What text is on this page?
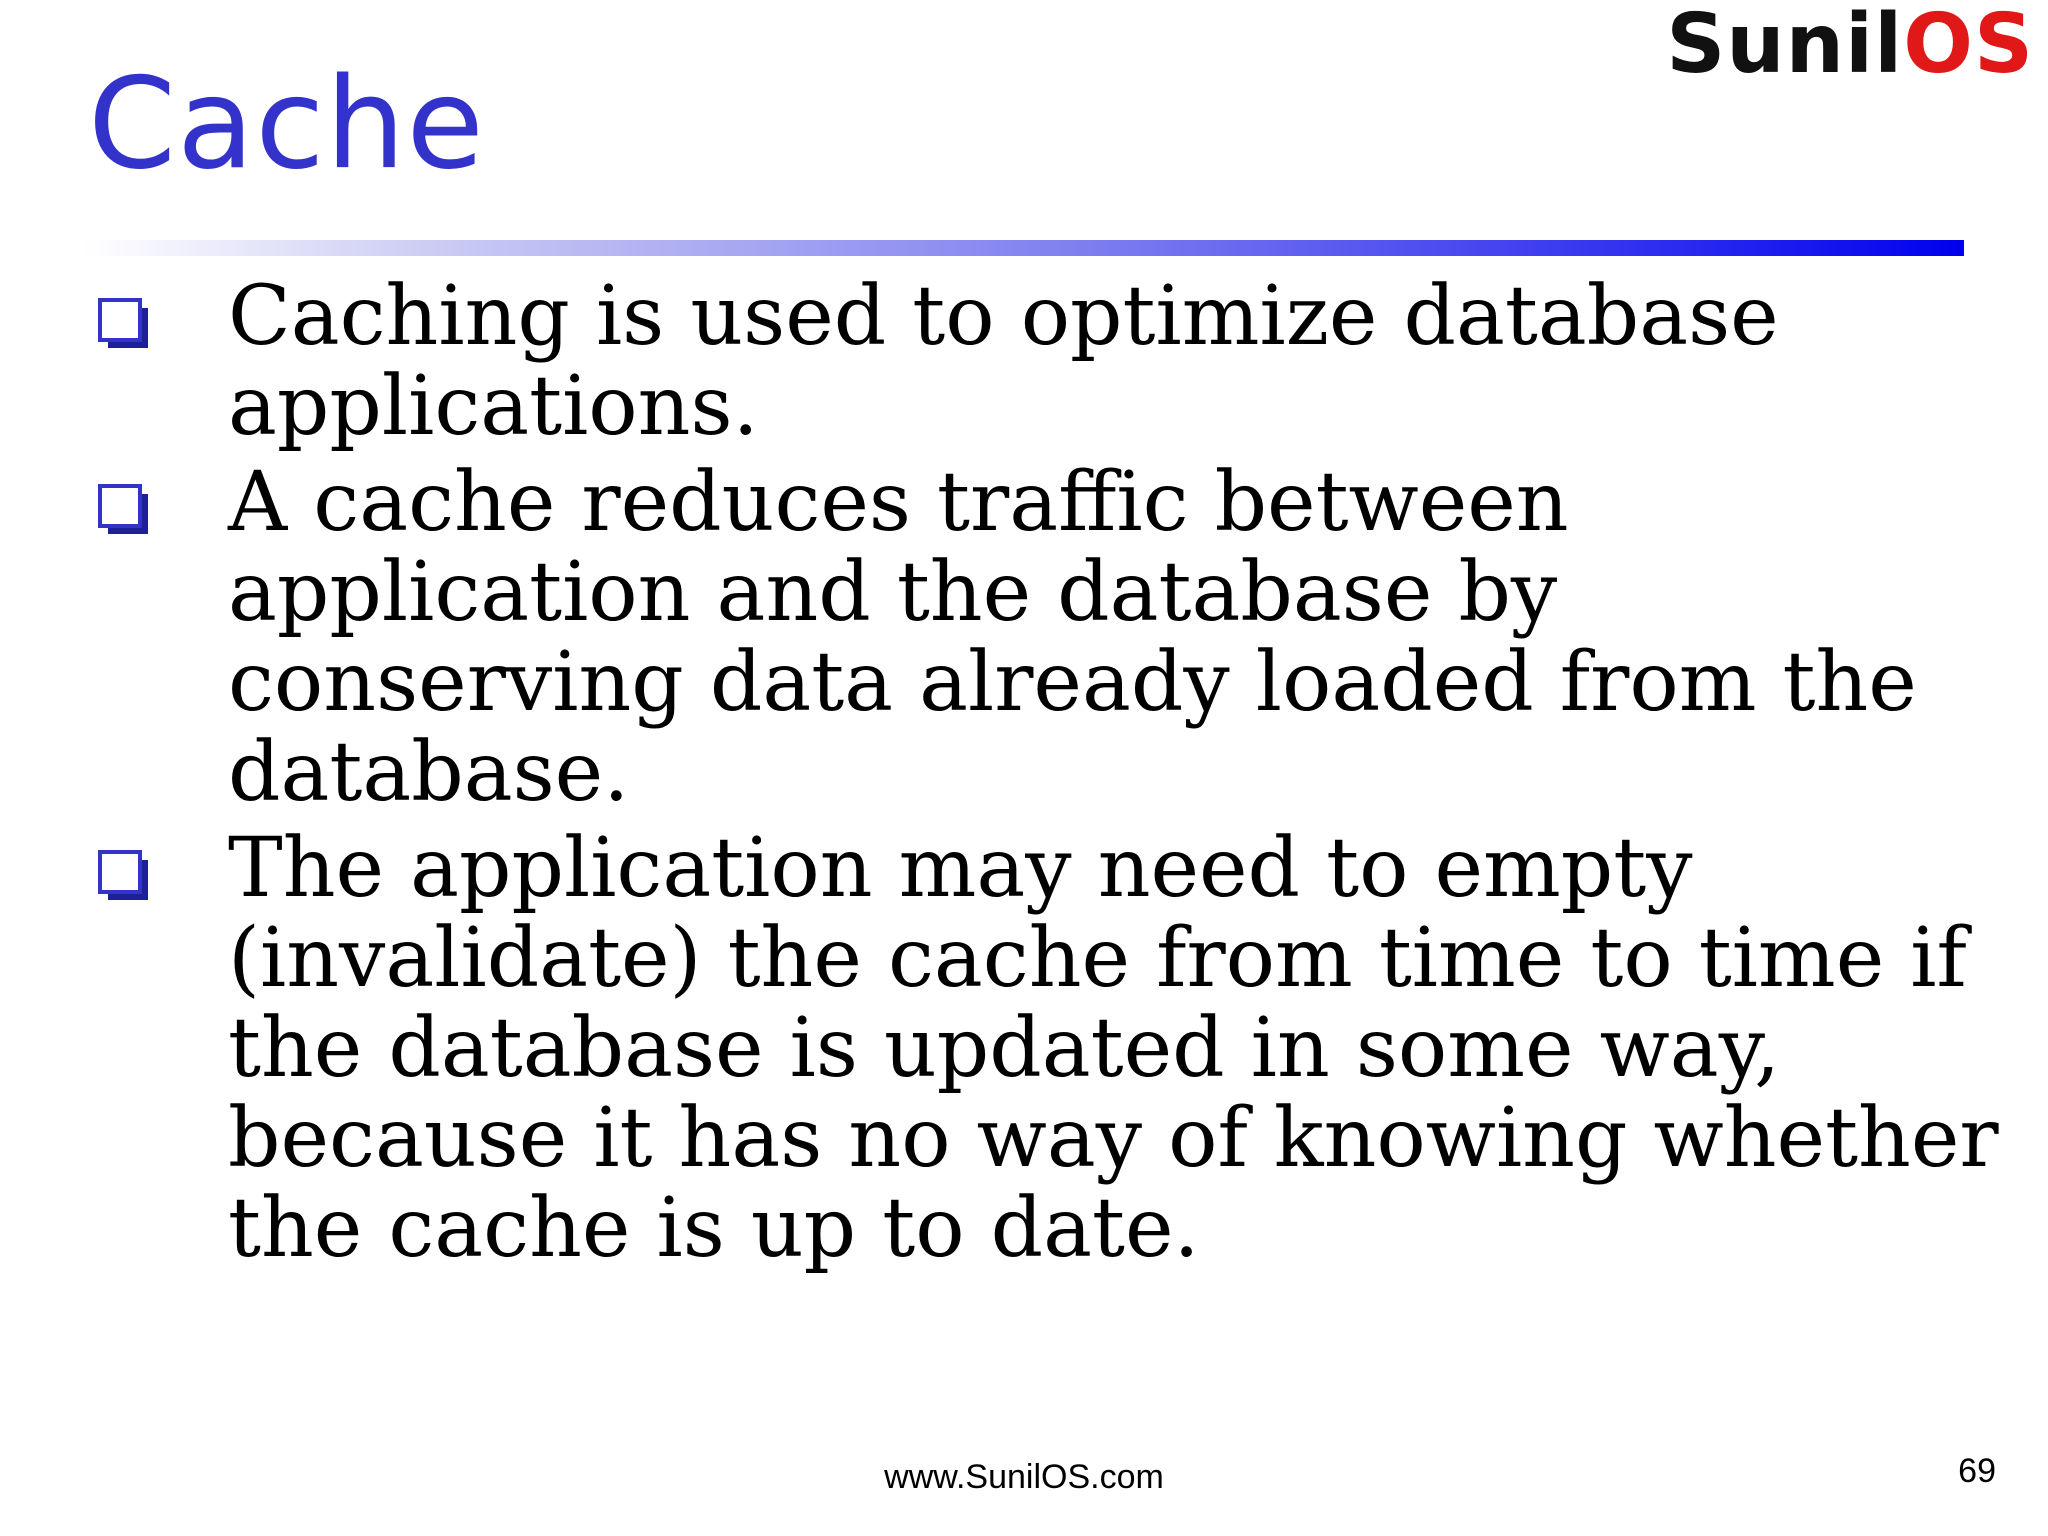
SunilOS
Cache
Caching is used to optimize database applications.
A cache reduces traffic between application and the database by conserving data already loaded from the database.
The application may need to empty (invalidate) the cache from time to time if the database is updated in some way, because it has no way of knowing whether the cache is up to date.
www.SunilOS.com	69
